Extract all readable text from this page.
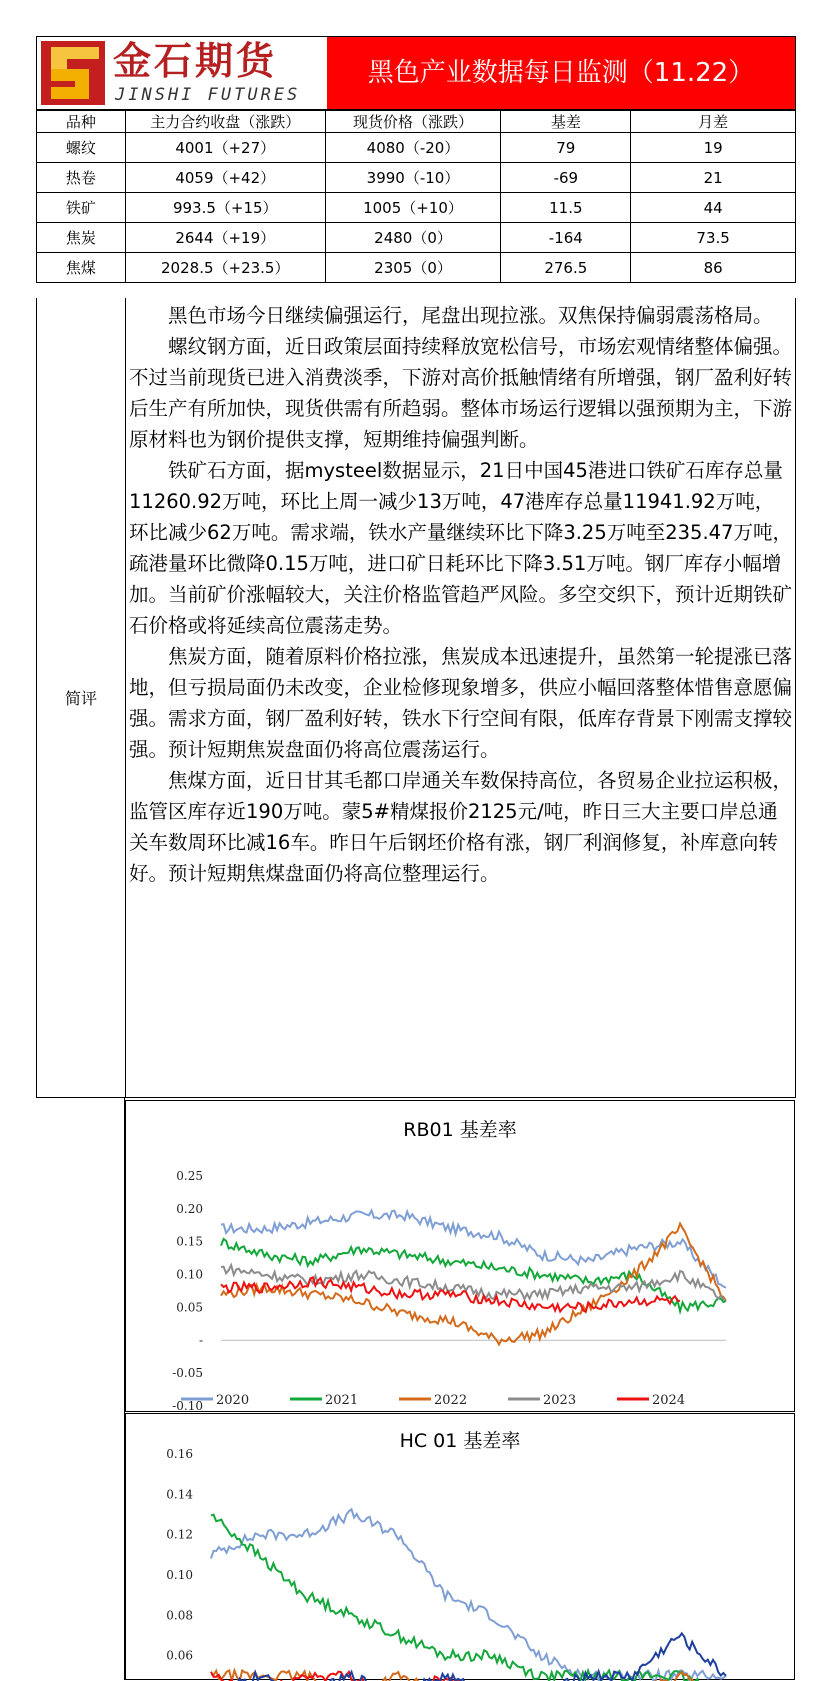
金石期货
JINSHI FUTURES
黑色产业数据每日监测（11.22）
品种	主力合约收盘（涨跌）	现货价格（涨跌）	基差	月差
螺纹	4001（+27）	4080（-20）	79	19
热卷	4059（+42）	3990（-10）	-69	21
铁矿	993.5（+15）	1005（+10）	11.5	44
焦炭	2644（+19）	2480（0）	-164	73.5
焦煤	2028.5（+23.5）	2305（0）	276.5	86
简评

黑色市场今日继续偏强运行，尾盘出现拉涨。双焦保持偏弱震荡格局。

螺纹钢方面，近日政策层面持续释放宽松信号，市场宏观情绪整体偏强。不过当前现货已进入消费淡季，下游对高价抵触情绪有所增强，钢厂盈利好转后生产有所加快，现货供需有所趋弱。整体市场运行逻辑以强预期为主，下游原材料也为钢价提供支撑，短期维持偏强判断。

铁矿石方面，据mysteel数据显示，21日中国45港进口铁矿石库存总量11260.92万吨，环比上周一减少13万吨，47港库存总量11941.92万吨，环比减少62万吨。需求端，铁水产量继续环比下降3.25万吨至235.47万吨，疏港量环比微降0.15万吨，进口矿日耗环比下降3.51万吨。钢厂库存小幅增加。当前矿价涨幅较大，关注价格监管趋严风险。多空交织下，预计近期铁矿石价格或将延续高位震荡走势。

焦炭方面，随着原料价格拉涨，焦炭成本迅速提升，虽然第一轮提涨已落地，但亏损局面仍未改变，企业检修现象增多，供应小幅回落整体惜售意愿偏强。需求方面，钢厂盈利好转，铁水下行空间有限，低库存背景下刚需支撑较强。预计短期焦炭盘面仍将高位震荡运行。

焦煤方面，近日甘其毛都口岸通关车数保持高位，各贸易企业拉运积极，监管区库存近190万吨。蒙5#精煤报价2125元/吨，昨日三大主要口岸总通关车数周环比减16车。昨日午后钢坯价格有涨，钢厂利润修复，补库意向转好。预计短期焦煤盘面仍将高位整理运行。

RB01 基差率
0.25
0.20
0.15
0.10
0.05
-
-0.05
-0.10 2020	2021	2022	2023	2024
HC 01 基差率
0.16
0.14
0.12
0.10
0.08
0.06
